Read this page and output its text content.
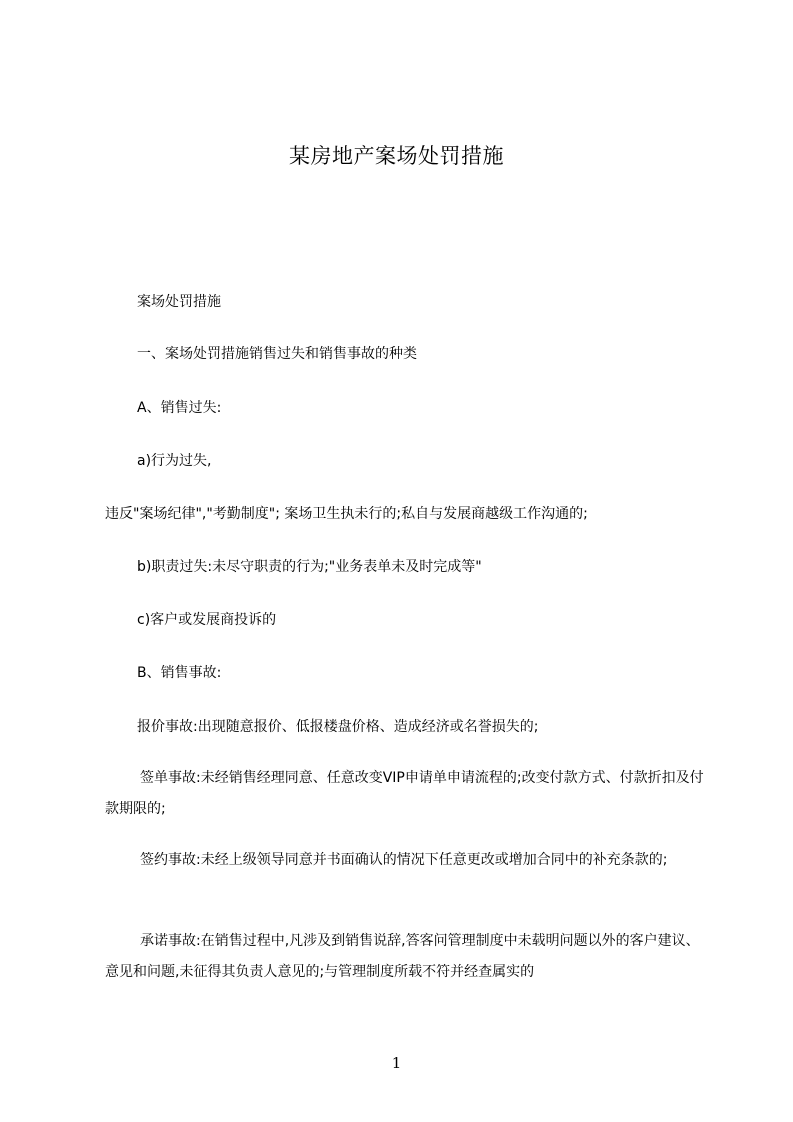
某房地产案场处罚措施
案场处罚措施
一、案场处罚措施销售过失和销售事故的种类
A、销售过失:
a)行为过失,
违反"案场纪律","考勤制度"; 案场卫生执未行的;私自与发展商越级工作沟通的;
b)职责过失:未尽守职责的行为;"业务表单未及时完成等"
c)客户或发展商投诉的
B、销售事故:
报价事故:出现随意报价、低报楼盘价格、造成经济或名誉损失的;
签单事故:未经销售经理同意、任意改变VIP申请单申请流程的;改变付款方式、付款折扣及付款期限的;
签约事故:未经上级领导同意并书面确认的情况下任意更改或增加合同中的补充条款的;
承诺事故:在销售过程中,凡涉及到销售说辞,答客问管理制度中未载明问题以外的客户建议、意见和问题,未征得其负责人意见的;与管理制度所载不符并经查属实的
1
